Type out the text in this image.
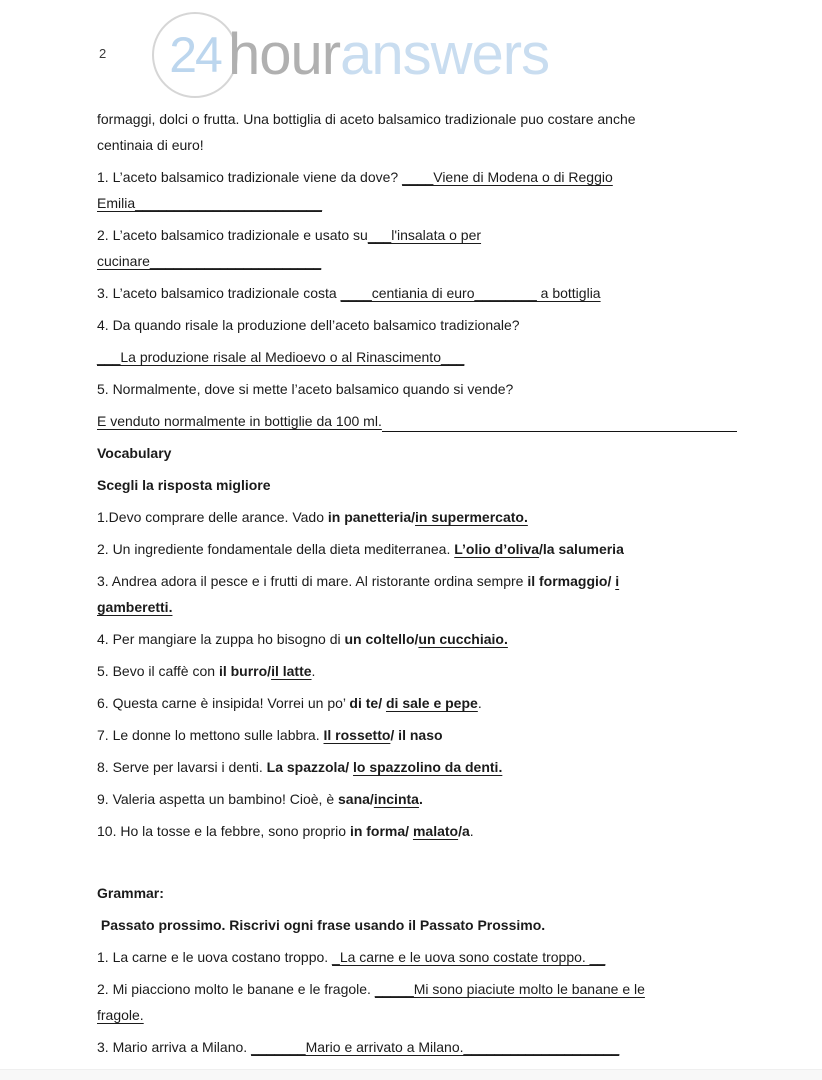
2 24 hour answers

formaggi, dolci o frutta. Una bottiglia di aceto balsamico tradizionale puo costare anche
centinaia di euro!

1. L’aceto balsamico tradizionale viene da dove? ____Viene di Modena o di Reggio
Emilia________________________

2. L’aceto balsamico tradizionale e usato su___l'insalata o per
cucinare______________________

3. L’aceto balsamico tradizionale costa ____centiania di euro________ a bottiglia

4. Da quando risale la produzione dell’aceto balsamico tradizionale?

___La produzione risale al Medioevo o al Rinascimento___

5. Normalmente, dove si mette l’aceto balsamico quando si vende?

E venduto normalmente in bottiglie da 100 ml.

Vocabulary

Scegli la risposta migliore

1.Devo comprare delle arance. Vado in panetteria/in supermercato.

2. Un ingrediente fondamentale della dieta mediterranea. L’olio d’oliva/la salumeria

3. Andrea adora il pesce e i frutti di mare. Al ristorante ordina sempre il formaggio/ i
gamberetti.

4. Per mangiare la zuppa ho bisogno di un coltello/un cucchiaio.

5. Bevo il caffè con il burro/il latte.

6. Questa carne è insipida! Vorrei un po’ di te/ di sale e pepe.

7. Le donne lo mettono sulle labbra. Il rossetto/ il naso

8. Serve per lavarsi i denti. La spazzola/ lo spazzolino da denti.

9. Valeria aspetta un bambino! Cioè, è sana/incinta.

10. Ho la tosse e la febbre, sono proprio in forma/ malato/a.

Grammar:

Passato prossimo. Riscrivi ogni frase usando il Passato Prossimo.

1. La carne e le uova costano troppo. _La carne e le uova sono costate troppo. __

2. Mi piacciono molto le banane e le fragole. _____Mi sono piaciute molto le banane e le
fragole.

3. Mario arriva a Milano. _______Mario e arrivato a Milano.____________________
